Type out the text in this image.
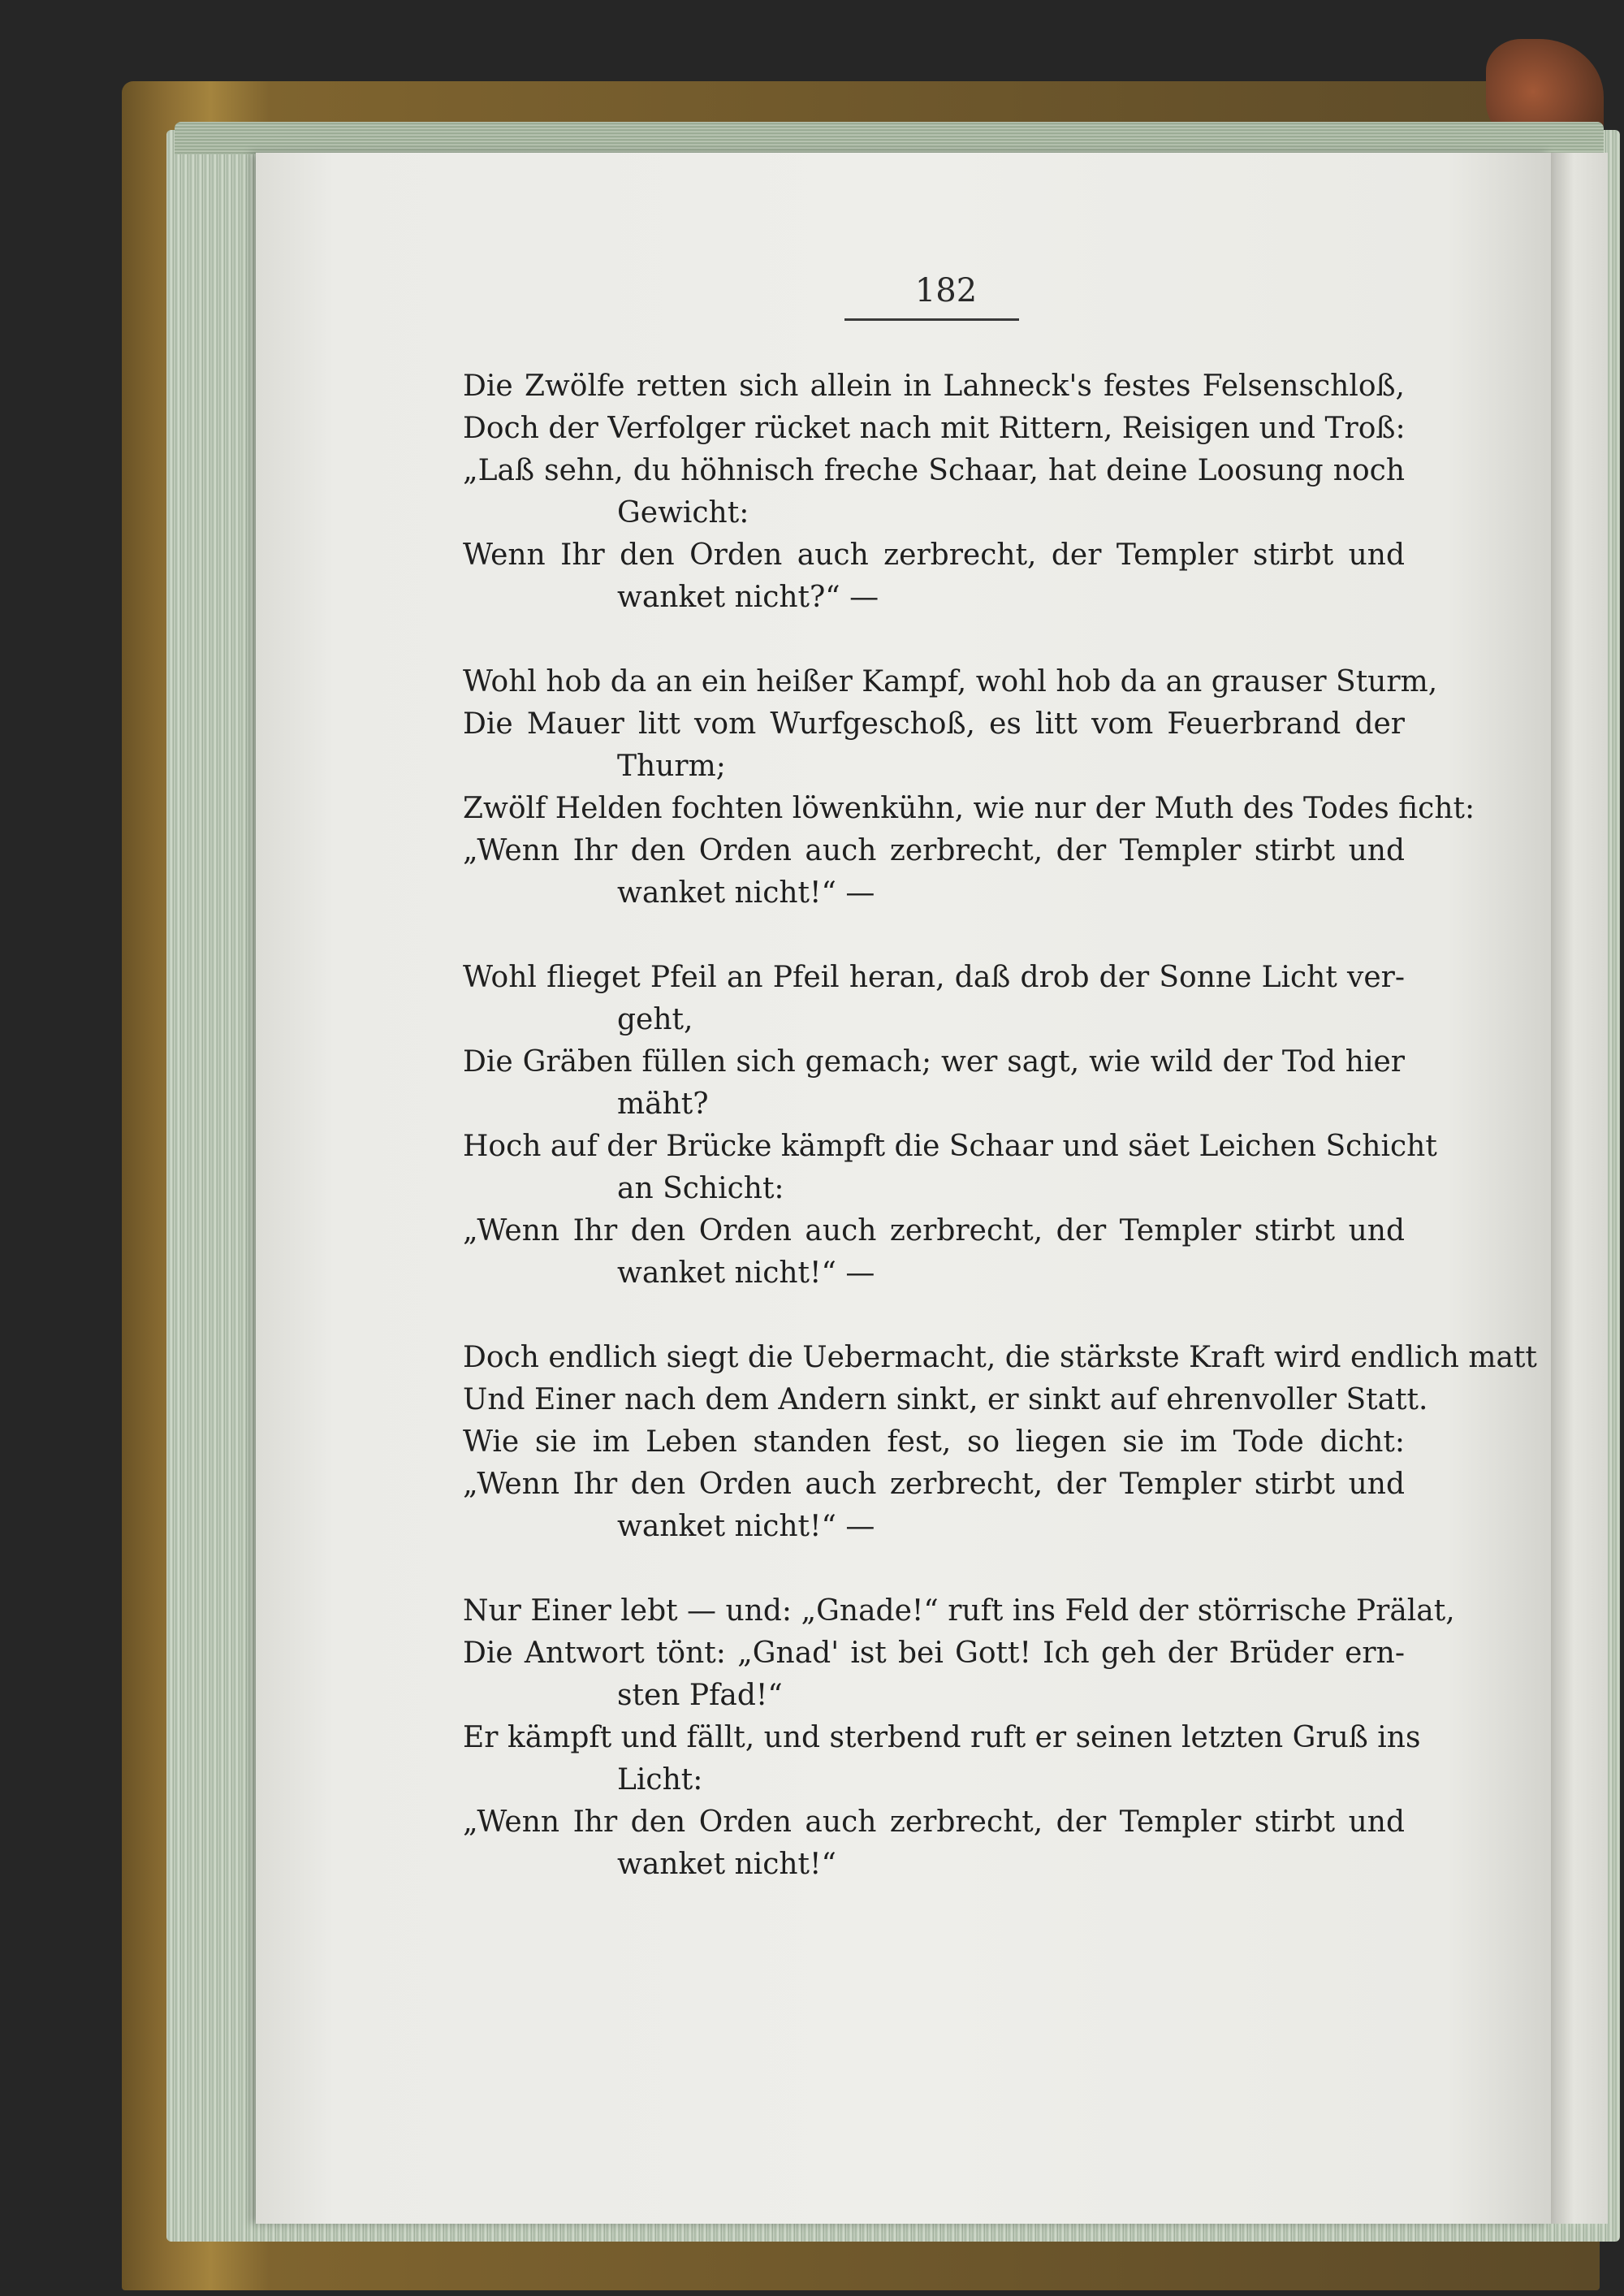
182
Die Zwölfe retten sich allein in Lahneck's festes Felsenschloß,
Doch der Verfolger rücket nach mit Rittern, Reisigen und Troß:
„Laß sehn, du höhnisch freche Schaar, hat deine Loosung noch
Gewicht:
Wenn Ihr den Orden auch zerbrecht, der Templer stirbt und
wanket nicht?“ —
Wohl hob da an ein heißer Kampf, wohl hob da an grauser Sturm,
Die Mauer litt vom Wurfgeschoß, es litt vom Feuerbrand der
Thurm;
Zwölf Helden fochten löwenkühn, wie nur der Muth des Todes ficht:
„Wenn Ihr den Orden auch zerbrecht, der Templer stirbt und
wanket nicht!“ —
Wohl flieget Pfeil an Pfeil heran, daß drob der Sonne Licht ver-
geht,
Die Gräben füllen sich gemach; wer sagt, wie wild der Tod hier
mäht?
Hoch auf der Brücke kämpft die Schaar und säet Leichen Schicht
an Schicht:
„Wenn Ihr den Orden auch zerbrecht, der Templer stirbt und
wanket nicht!“ —
Doch endlich siegt die Uebermacht, die stärkste Kraft wird endlich matt
Und Einer nach dem Andern sinkt, er sinkt auf ehrenvoller Statt.
Wie sie im Leben standen fest, so liegen sie im Tode dicht:
„Wenn Ihr den Orden auch zerbrecht, der Templer stirbt und
wanket nicht!“ —
Nur Einer lebt — und: „Gnade!“ ruft ins Feld der störrische Prälat,
Die Antwort tönt: „Gnad' ist bei Gott! Ich geh der Brüder ern-
sten Pfad!“
Er kämpft und fällt, und sterbend ruft er seinen letzten Gruß ins
Licht:
„Wenn Ihr den Orden auch zerbrecht, der Templer stirbt und
wanket nicht!“
